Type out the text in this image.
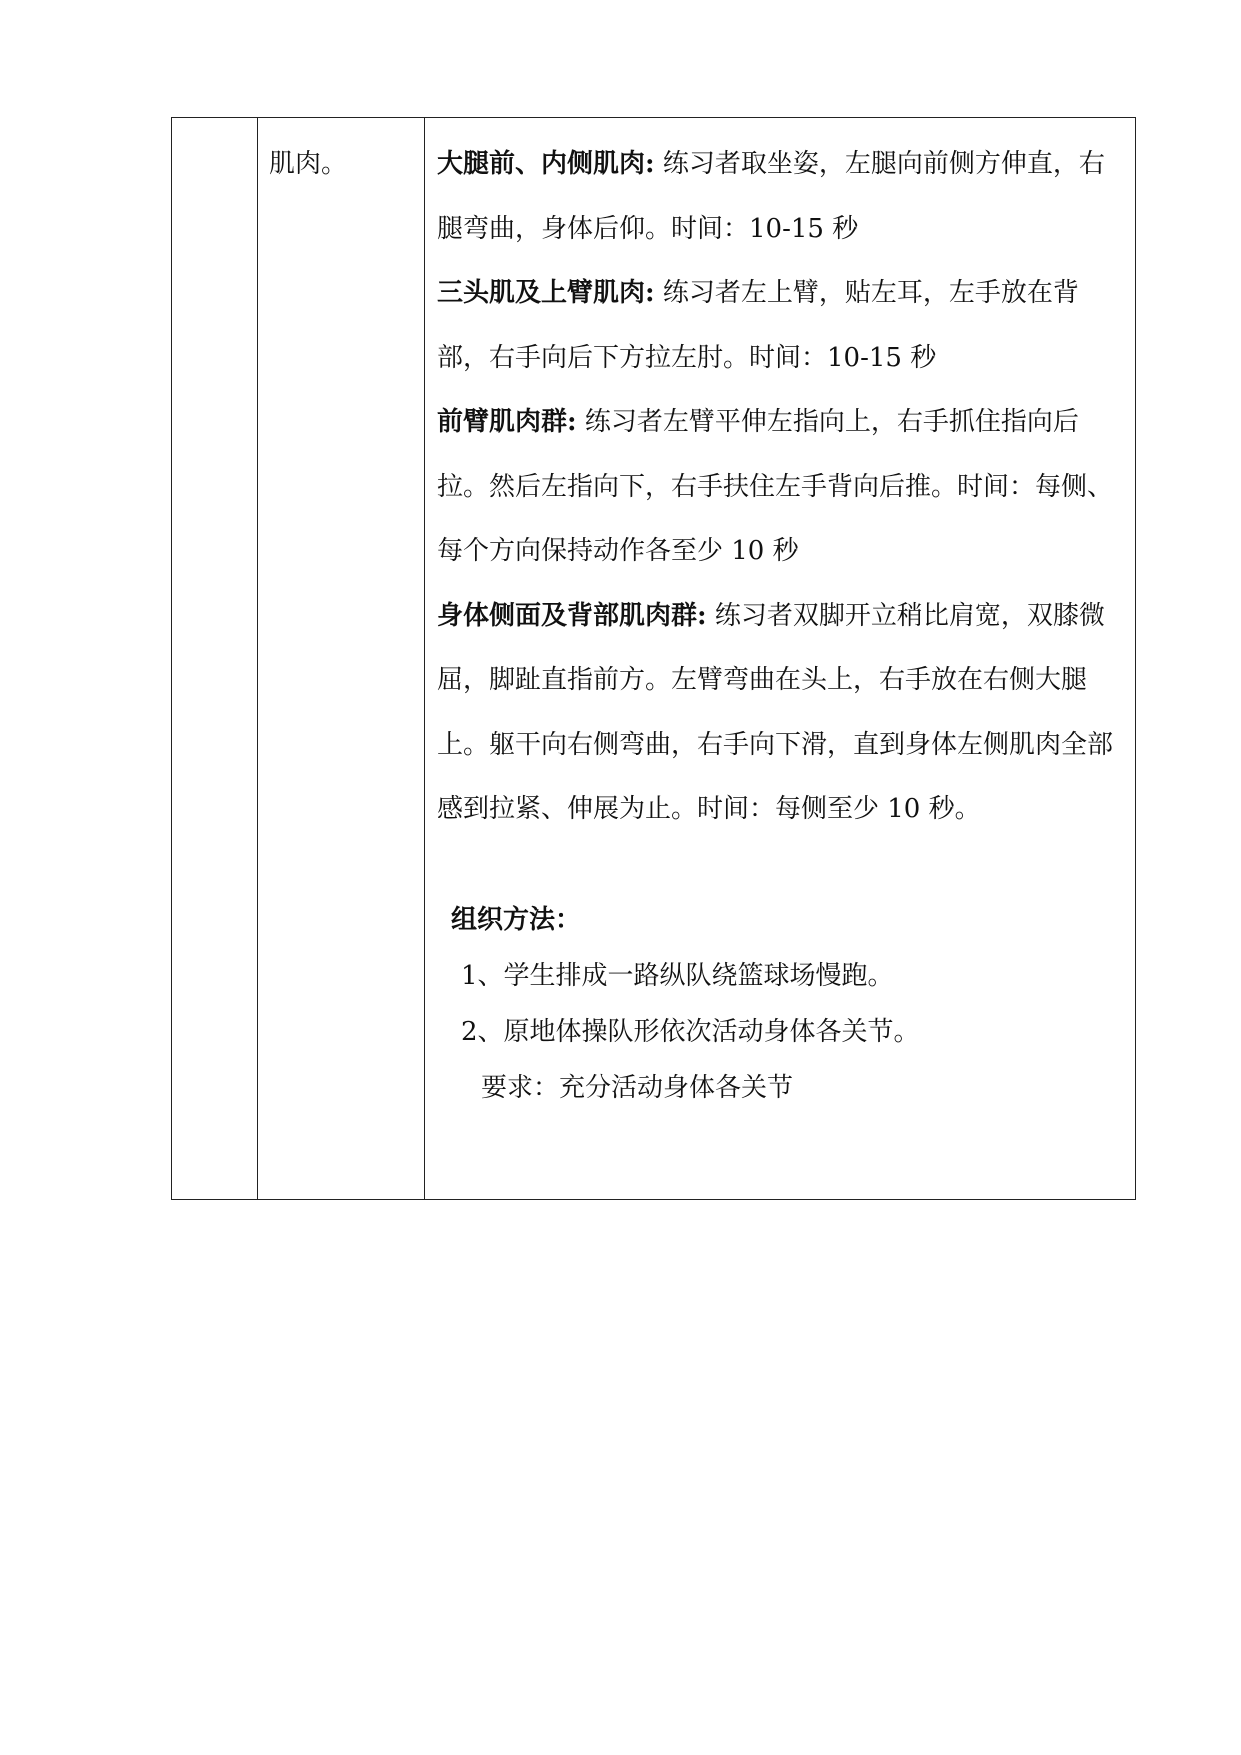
肌肉。	大腿前、内侧肌肉: 练习者取坐姿，左腿向前侧方伸直，右腿弯曲，身体后仰。时间：10-15 秒

三头肌及上臂肌肉: 练习者左上臂，贴左耳，左手放在背部，右手向后下方拉左肘。时间：10-15 秒

前臂肌肉群: 练习者左臂平伸左指向上，右手抓住指向后拉。然后左指向下，右手扶住左手背向后推。时间：每侧、每个方向保持动作各至少 10 秒

身体侧面及背部肌肉群: 练习者双脚开立稍比肩宽，双膝微屈，脚趾直指前方。左臂弯曲在头上，右手放在右侧大腿上。躯干向右侧弯曲，右手向下滑，直到身体左侧肌肉全部感到拉紧、伸展为止。时间：每侧至少 10 秒。

组织方法：
1、学生排成一路纵队绕篮球场慢跑。
2、原地体操队形依次活动身体各关节。
要求：充分活动身体各关节
